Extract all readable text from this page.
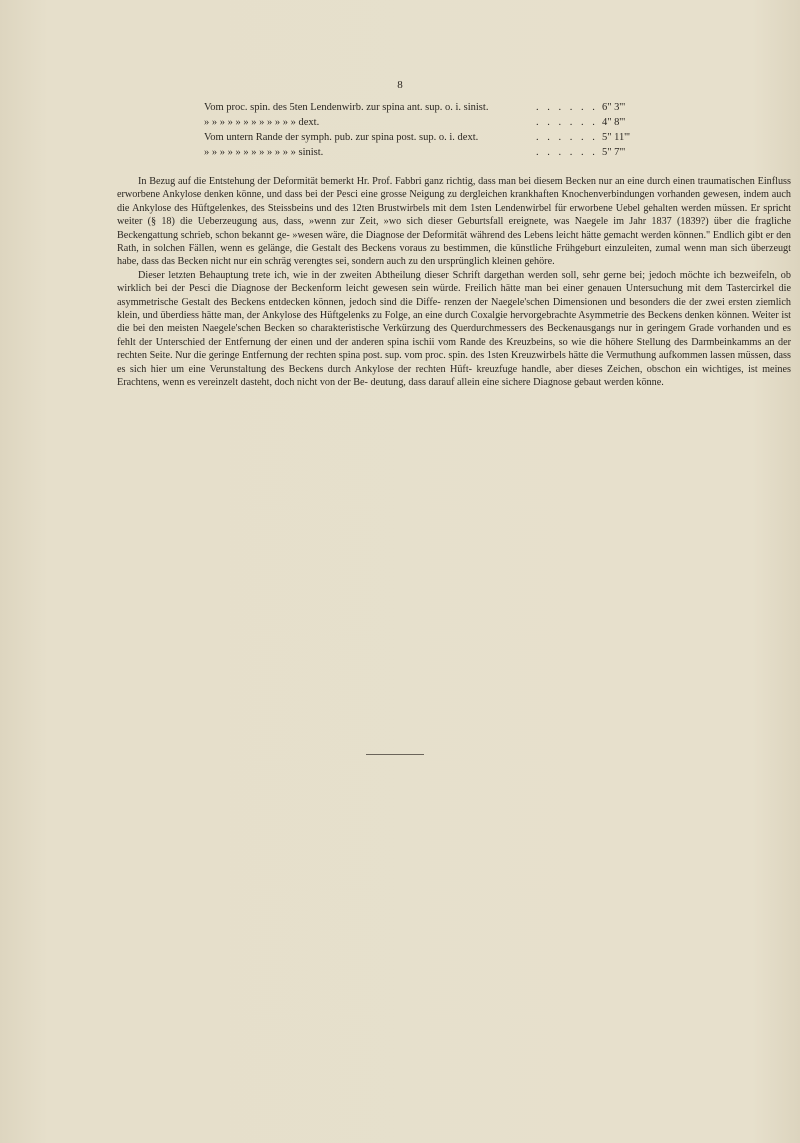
8
Vom proc. spin. des 5ten Lendenwirb. zur spina ant. sup. o. i. sinist.	. . . . . . 6" 3'''
» » » » » » » » » » » » dext.	. . . . . . 4" 8'''
Vom untern Rande der symph. pub. zur spina post. sup. o. i. dext.	. . . . . . 5" 11'''
» » » » » » » » » » » » sinist.	. . . . . . 5" 7'''

In Bezug auf die Entstehung der Deformität bemerkt Hr. Prof. Fabbri ganz richtig, dass man bei diesem Becken nur an eine durch einen traumatischen Einfluss erworbene Ankylose denken könne, und dass bei der Pesci eine grosse Neigung zu dergleichen krankhaften Knochenverbindungen vorhanden gewesen, indem auch die Ankylose des Hüftgelenkes, des Steissbeins und des 12ten Brustwirbels mit dem 1sten Lendenwirbel für erworbene Uebel gehalten werden müssen. Er spricht weiter (§ 18) die Ueberzeugung aus, dass, »wenn zur Zeit, »wo sich dieser Geburtsfall ereignete, was Naegele im Jahr 1837 (1839?) über die fragliche Beckengattung schrieb, schon bekannt ge- »wesen wäre, die Diagnose der Deformität während des Lebens leicht hätte gemacht werden können." Endlich gibt er den Rath, in solchen Fällen, wenn es gelänge, die Gestalt des Beckens voraus zu bestimmen, die künstliche Frühgeburt einzuleiten, zumal wenn man sich überzeugt habe, dass das Becken nicht nur ein schräg verengtes sei, sondern auch zu den ursprünglich kleinen gehöre.

Dieser letzten Behauptung trete ich, wie in der zweiten Abtheilung dieser Schrift dargethan werden soll, sehr gerne bei; jedoch möchte ich bezweifeln, ob wirklich bei der Pesci die Diagnose der Beckenform leicht gewesen sein würde. Freilich hätte man bei einer genauen Untersuchung mit dem Tastercirkel die asymmetrische Gestalt des Beckens entdecken können, jedoch sind die Diffe- renzen der Naegele'schen Dimensionen und besonders die der zwei ersten ziemlich klein, und überdiess hätte man, der Ankylose des Hüftgelenks zu Folge, an eine durch Coxalgie hervorgebrachte Asymmetrie des Beckens denken können. Weiter ist die bei den meisten Naegele'schen Becken so charakteristische Verkürzung des Querdurchmessers des Beckenausgangs nur in geringem Grade vorhanden und es fehlt der Unterschied der Entfernung der einen und der anderen spina ischii vom Rande des Kreuzbeins, so wie die höhere Stellung des Darmbeinkamms an der rechten Seite. Nur die geringe Entfernung der rechten spina post. sup. vom proc. spin. des 1sten Kreuzwirbels hätte die Vermuthung aufkommen lassen müssen, dass es sich hier um eine Verunstaltung des Beckens durch Ankylose der rechten Hüft- kreuzfuge handle, aber dieses Zeichen, obschon ein wichtiges, ist meines Erachtens, wenn es vereinzelt dasteht, doch nicht von der Be- deutung, dass darauf allein eine sichere Diagnose gebaut werden könne.
